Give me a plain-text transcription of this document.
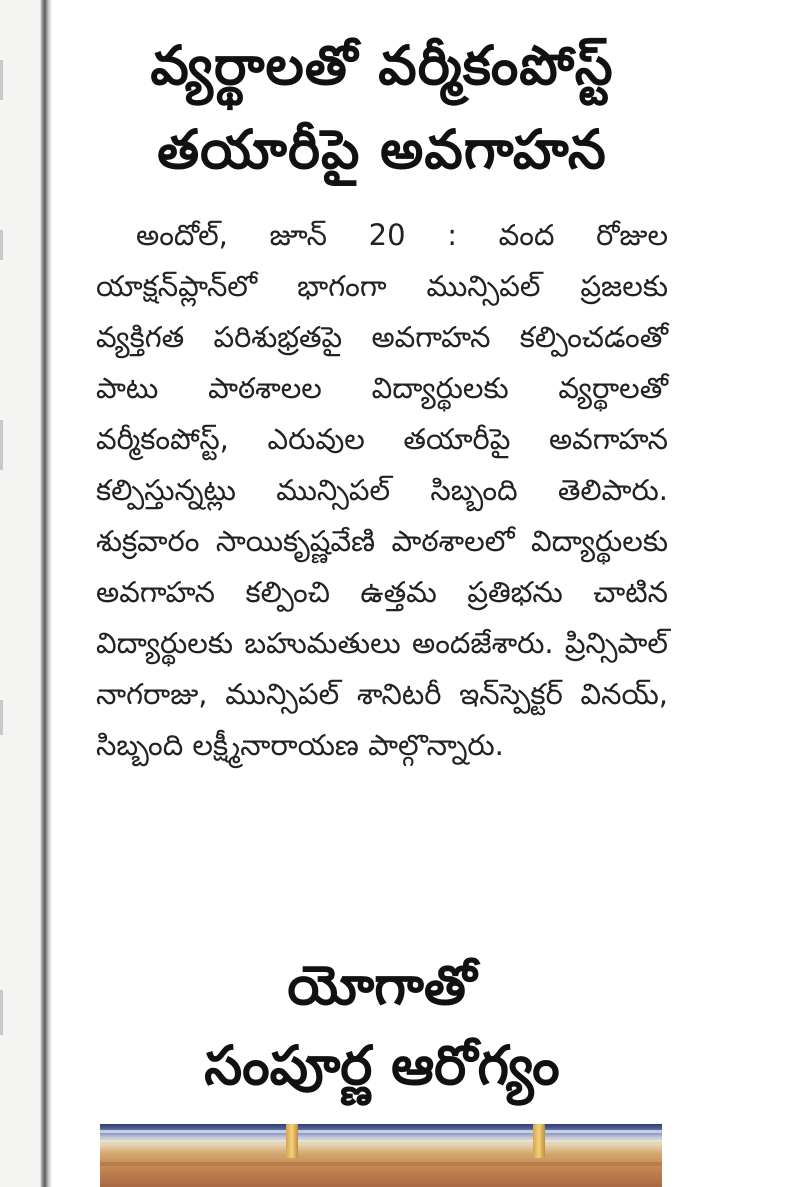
వ్యర్థాలతో వర్మీకంపోస్ట్‌
తయారీపై అవగాహన

అందోల్‌, జూన్‌ 20 : వంద రోజుల యాక్షన్‌ప్లాన్‌లో భాగంగా మున్సిపల్‌ ప్రజలకు వ్యక్తిగత పరిశుభ్రతపై అవగాహన కల్పించడంతో పాటు పాఠశాలల విద్యార్థులకు వ్యర్థాలతో వర్మీకంపోస్ట్‌, ఎరువుల తయారీపై అవగాహన కల్పిస్తున్నట్లు మున్సిపల్‌ సిబ్బంది తెలిపారు. శుక్రవారం సాయికృష్ణవేణి పాఠశాలలో విద్యార్థులకు అవగాహన కల్పించి ఉత్తమ ప్రతిభను చాటిన విద్యార్థులకు బహుమతులు అందజేశారు. ప్రిన్సిపాల్‌ నాగరాజు, మున్సిపల్‌ శానిటరీ ఇన్‌స్పెక్టర్‌ వినయ్‌, సిబ్బంది లక్ష్మీనారాయణ పాల్గొన్నారు.

యోగాతో
సంపూర్ణ ఆరోగ్యం
